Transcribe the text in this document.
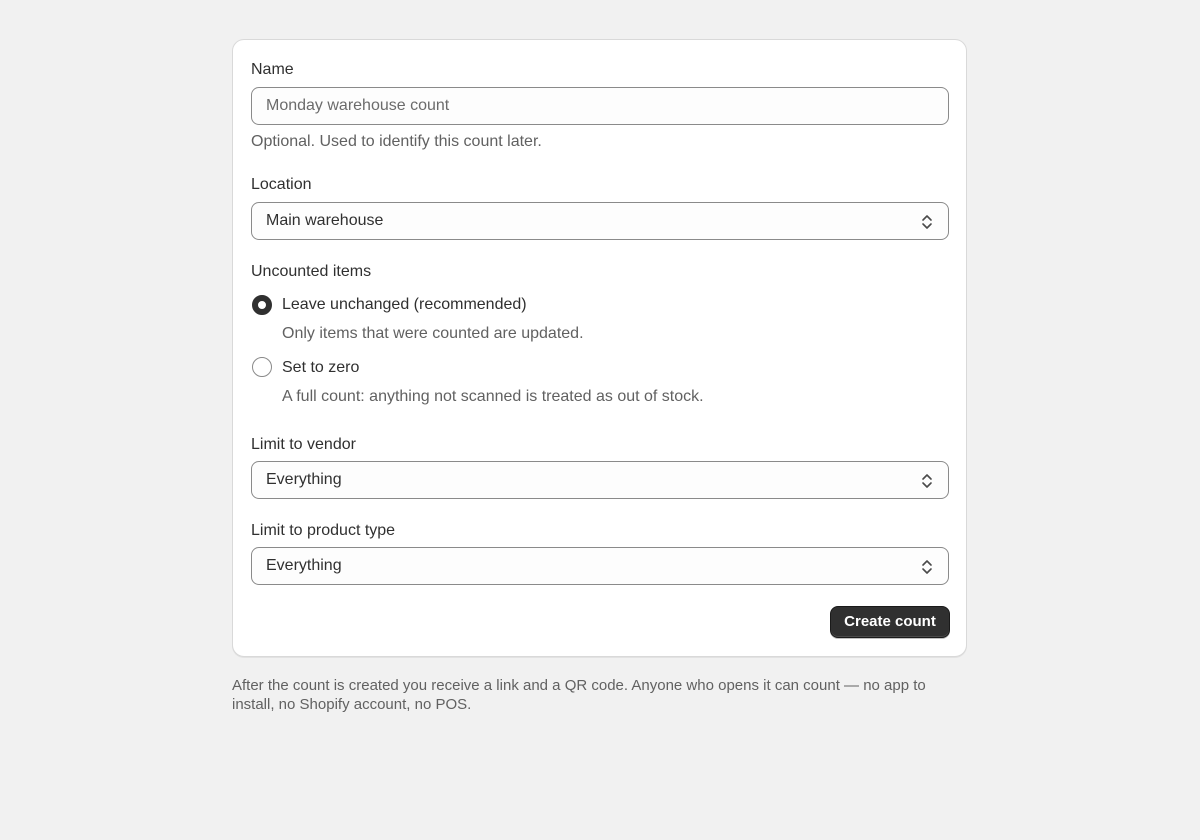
Name
Monday warehouse count
Optional. Used to identify this count later.
Location
Main warehouse
Uncounted items
Leave unchanged (recommended)
Only items that were counted are updated.
Set to zero
A full count: anything not scanned is treated as out of stock.
Limit to vendor
Everything
Limit to product type
Everything
Create count
After the count is created you receive a link and a QR code. Anyone who opens it can count — no app to install, no Shopify account, no POS.
